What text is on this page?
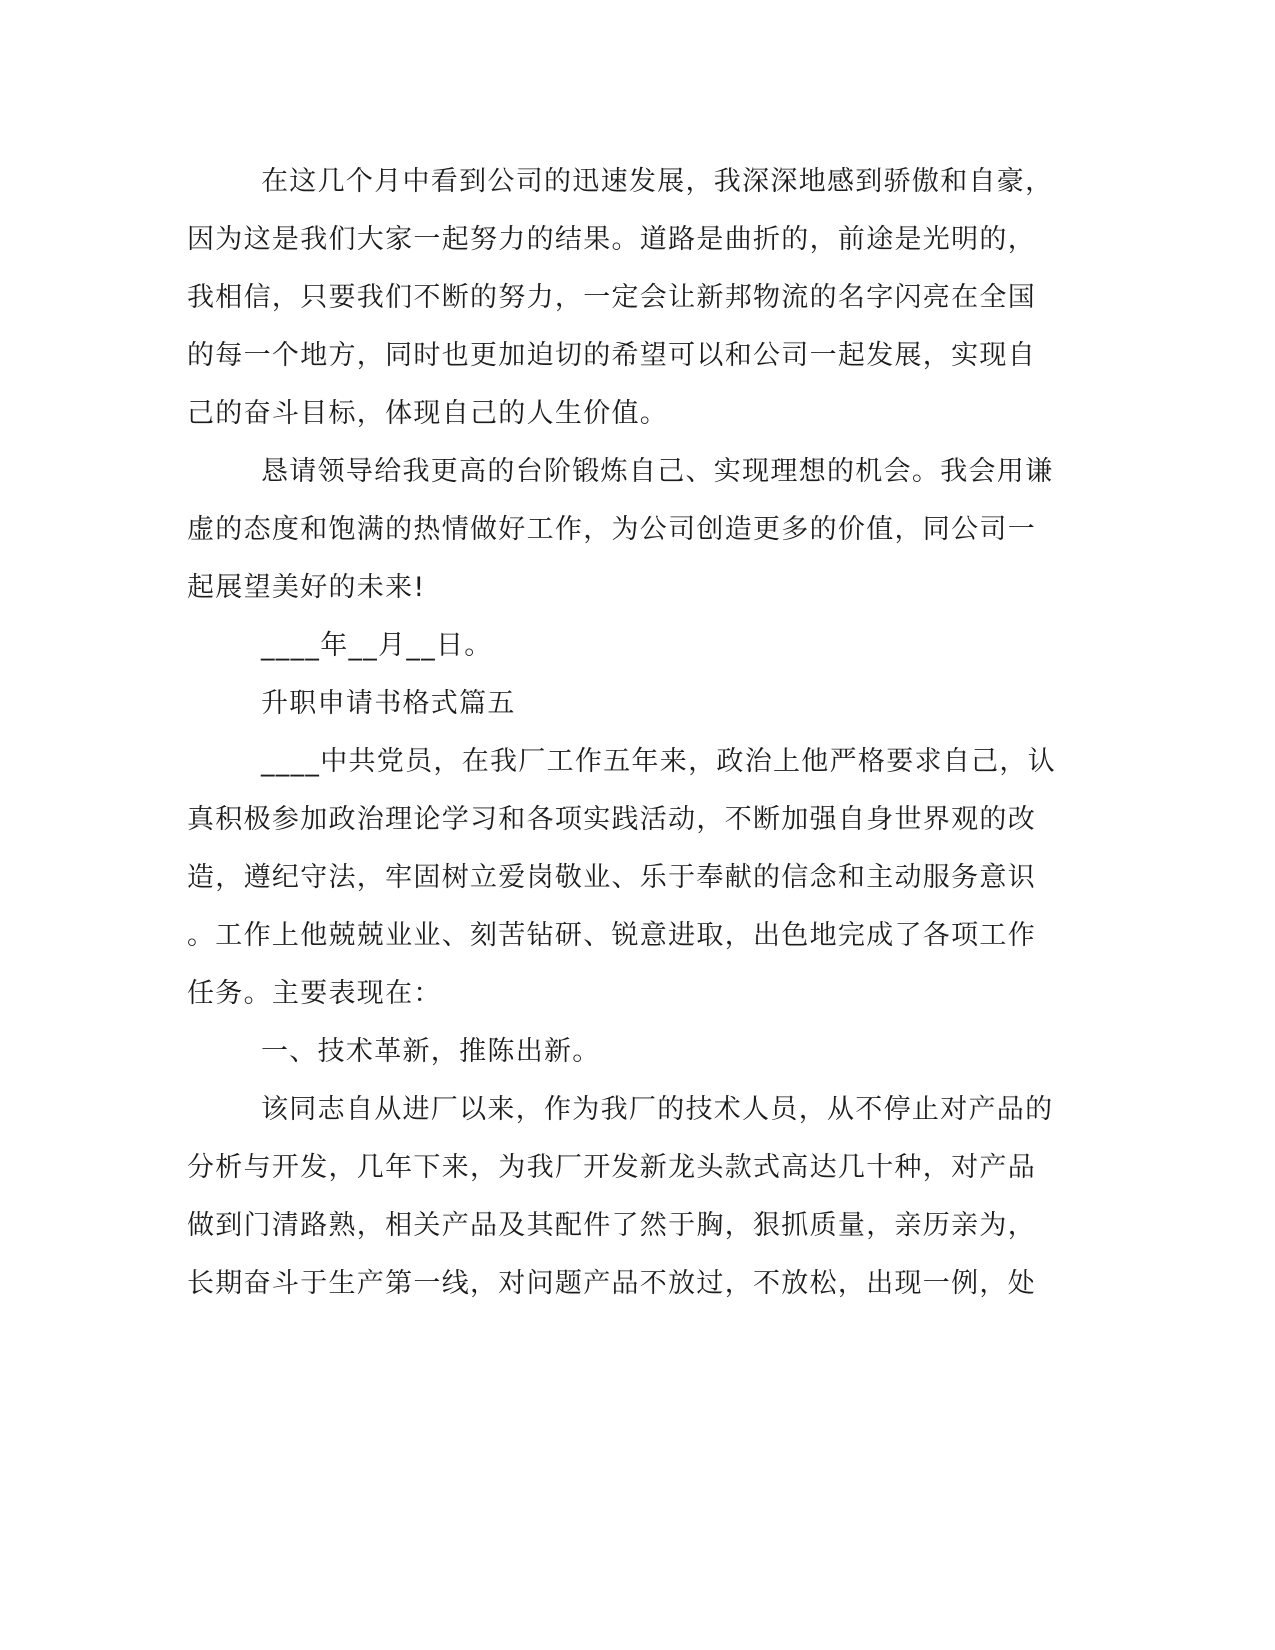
在这几个月中看到公司的迅速发展，我深深地感到骄傲和自豪，
因为这是我们大家一起努力的结果。道路是曲折的，前途是光明的，
我相信，只要我们不断的努力，一定会让新邦物流的名字闪亮在全国
的每一个地方，同时也更加迫切的希望可以和公司一起发展，实现自
己的奋斗目标，体现自己的人生价值。
恳请领导给我更高的台阶锻炼自己、实现理想的机会。我会用谦
虚的态度和饱满的热情做好工作，为公司创造更多的价值，同公司一
起展望美好的未来!
____年__月__日。
升职申请书格式篇五
____中共党员，在我厂工作五年来，政治上他严格要求自己，认
真积极参加政治理论学习和各项实践活动，不断加强自身世界观的改
造，遵纪守法，牢固树立爱岗敬业、乐于奉献的信念和主动服务意识
。工作上他兢兢业业、刻苦钻研、锐意进取，出色地完成了各项工作
任务。主要表现在：
一、技术革新，推陈出新。
该同志自从进厂以来，作为我厂的技术人员，从不停止对产品的
分析与开发，几年下来，为我厂开发新龙头款式高达几十种，对产品
做到门清路熟，相关产品及其配件了然于胸，狠抓质量，亲历亲为，
长期奋斗于生产第一线，对问题产品不放过，不放松，出现一例，处
